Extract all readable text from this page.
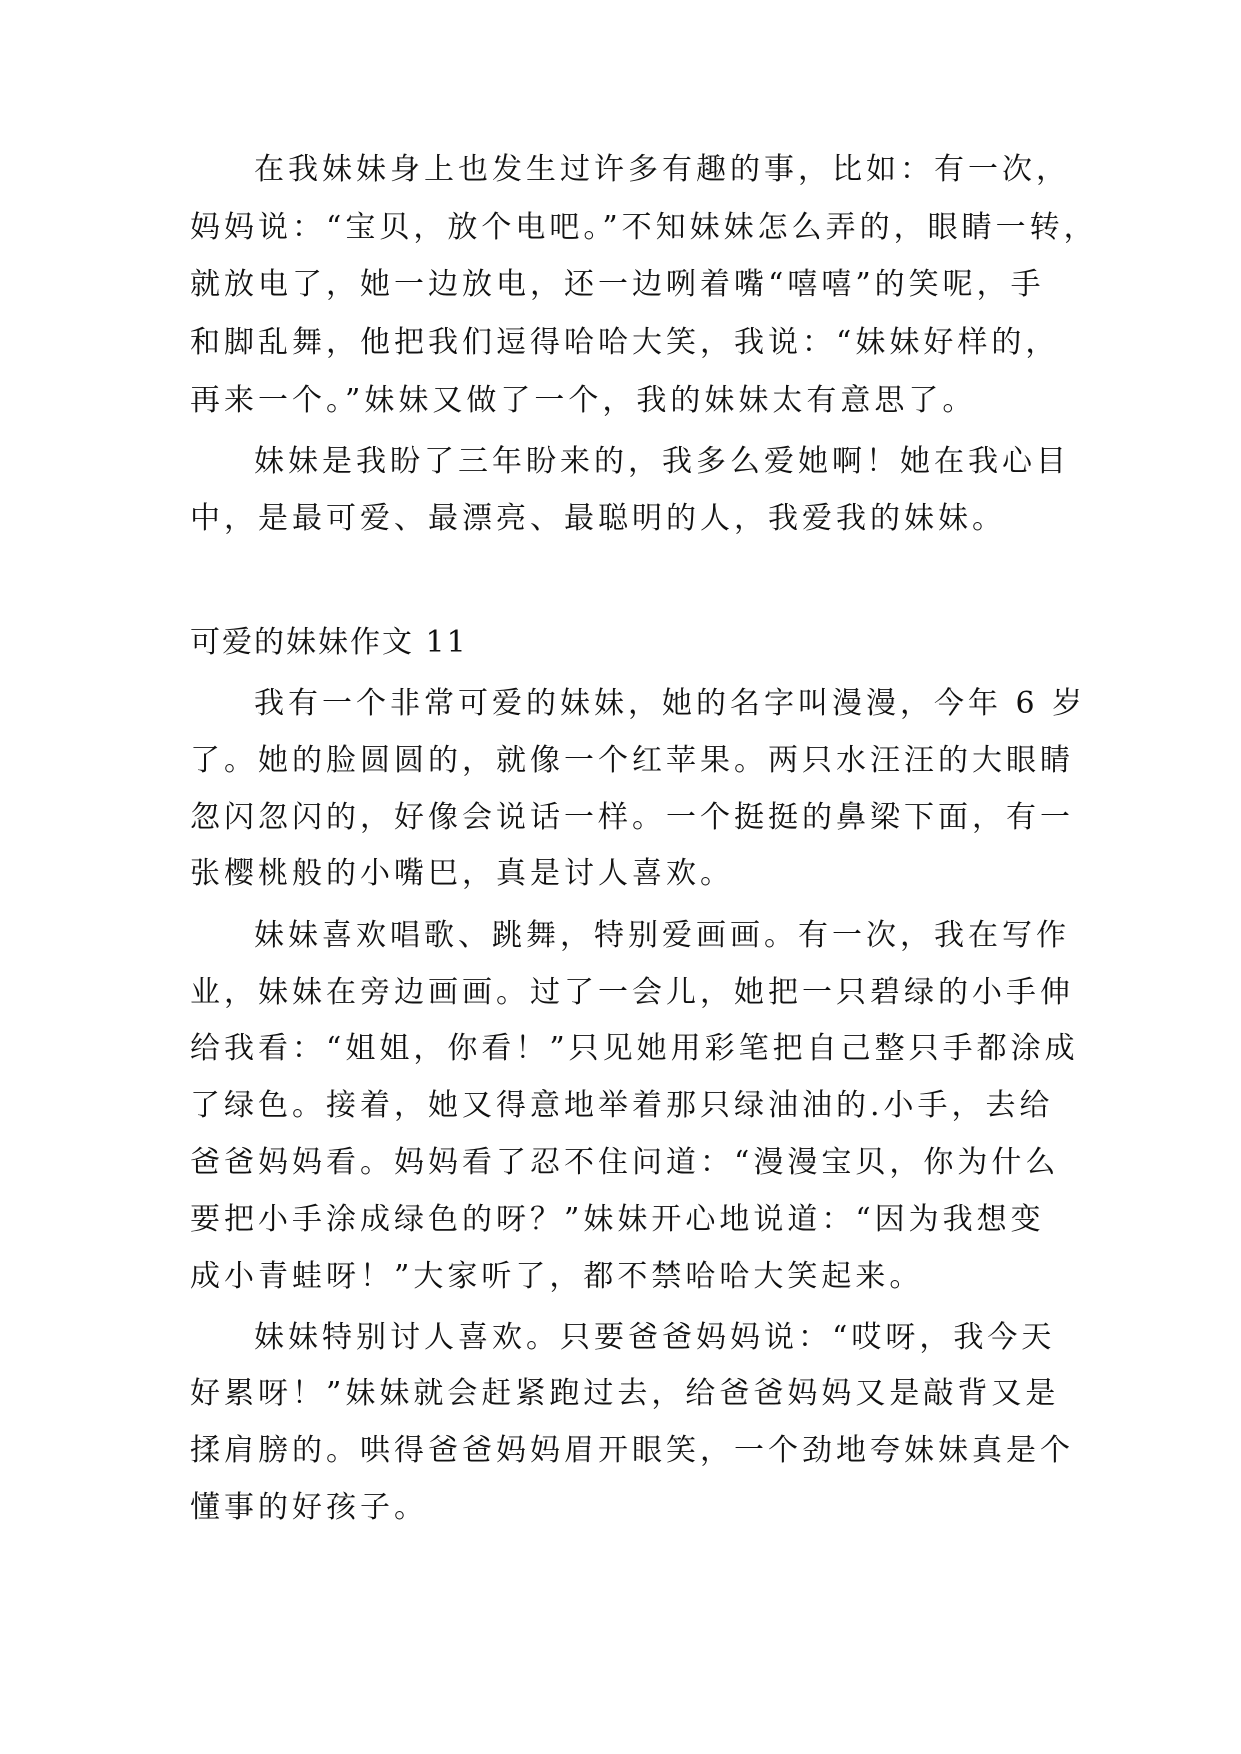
在我妹妹身上也发生过许多有趣的事，比如：有一次，
妈妈说：“宝贝，放个电吧。”不知妹妹怎么弄的，眼睛一转，
就放电了，她一边放电，还一边咧着嘴“嘻嘻”的笑呢，手
和脚乱舞，他把我们逗得哈哈大笑，我说：“妹妹好样的，
再来一个。”妹妹又做了一个，我的妹妹太有意思了。
妹妹是我盼了三年盼来的，我多么爱她啊！她在我心目
中，是最可爱、最漂亮、最聪明的人，我爱我的妹妹。
可爱的妹妹作文 11
我有一个非常可爱的妹妹，她的名字叫漫漫，今年 6 岁
了。她的脸圆圆的，就像一个红苹果。两只水汪汪的大眼睛
忽闪忽闪的，好像会说话一样。一个挺挺的鼻梁下面，有一
张樱桃般的小嘴巴，真是讨人喜欢。
妹妹喜欢唱歌、跳舞，特别爱画画。有一次，我在写作
业，妹妹在旁边画画。过了一会儿，她把一只碧绿的小手伸
给我看：“姐姐，你看！”只见她用彩笔把自己整只手都涂成
了绿色。接着，她又得意地举着那只绿油油的.小手，去给
爸爸妈妈看。妈妈看了忍不住问道：“漫漫宝贝，你为什么
要把小手涂成绿色的呀？”妹妹开心地说道：“因为我想变
成小青蛙呀！”大家听了，都不禁哈哈大笑起来。
妹妹特别讨人喜欢。只要爸爸妈妈说：“哎呀，我今天
好累呀！”妹妹就会赶紧跑过去，给爸爸妈妈又是敲背又是
揉肩膀的。哄得爸爸妈妈眉开眼笑，一个劲地夸妹妹真是个
懂事的好孩子。
